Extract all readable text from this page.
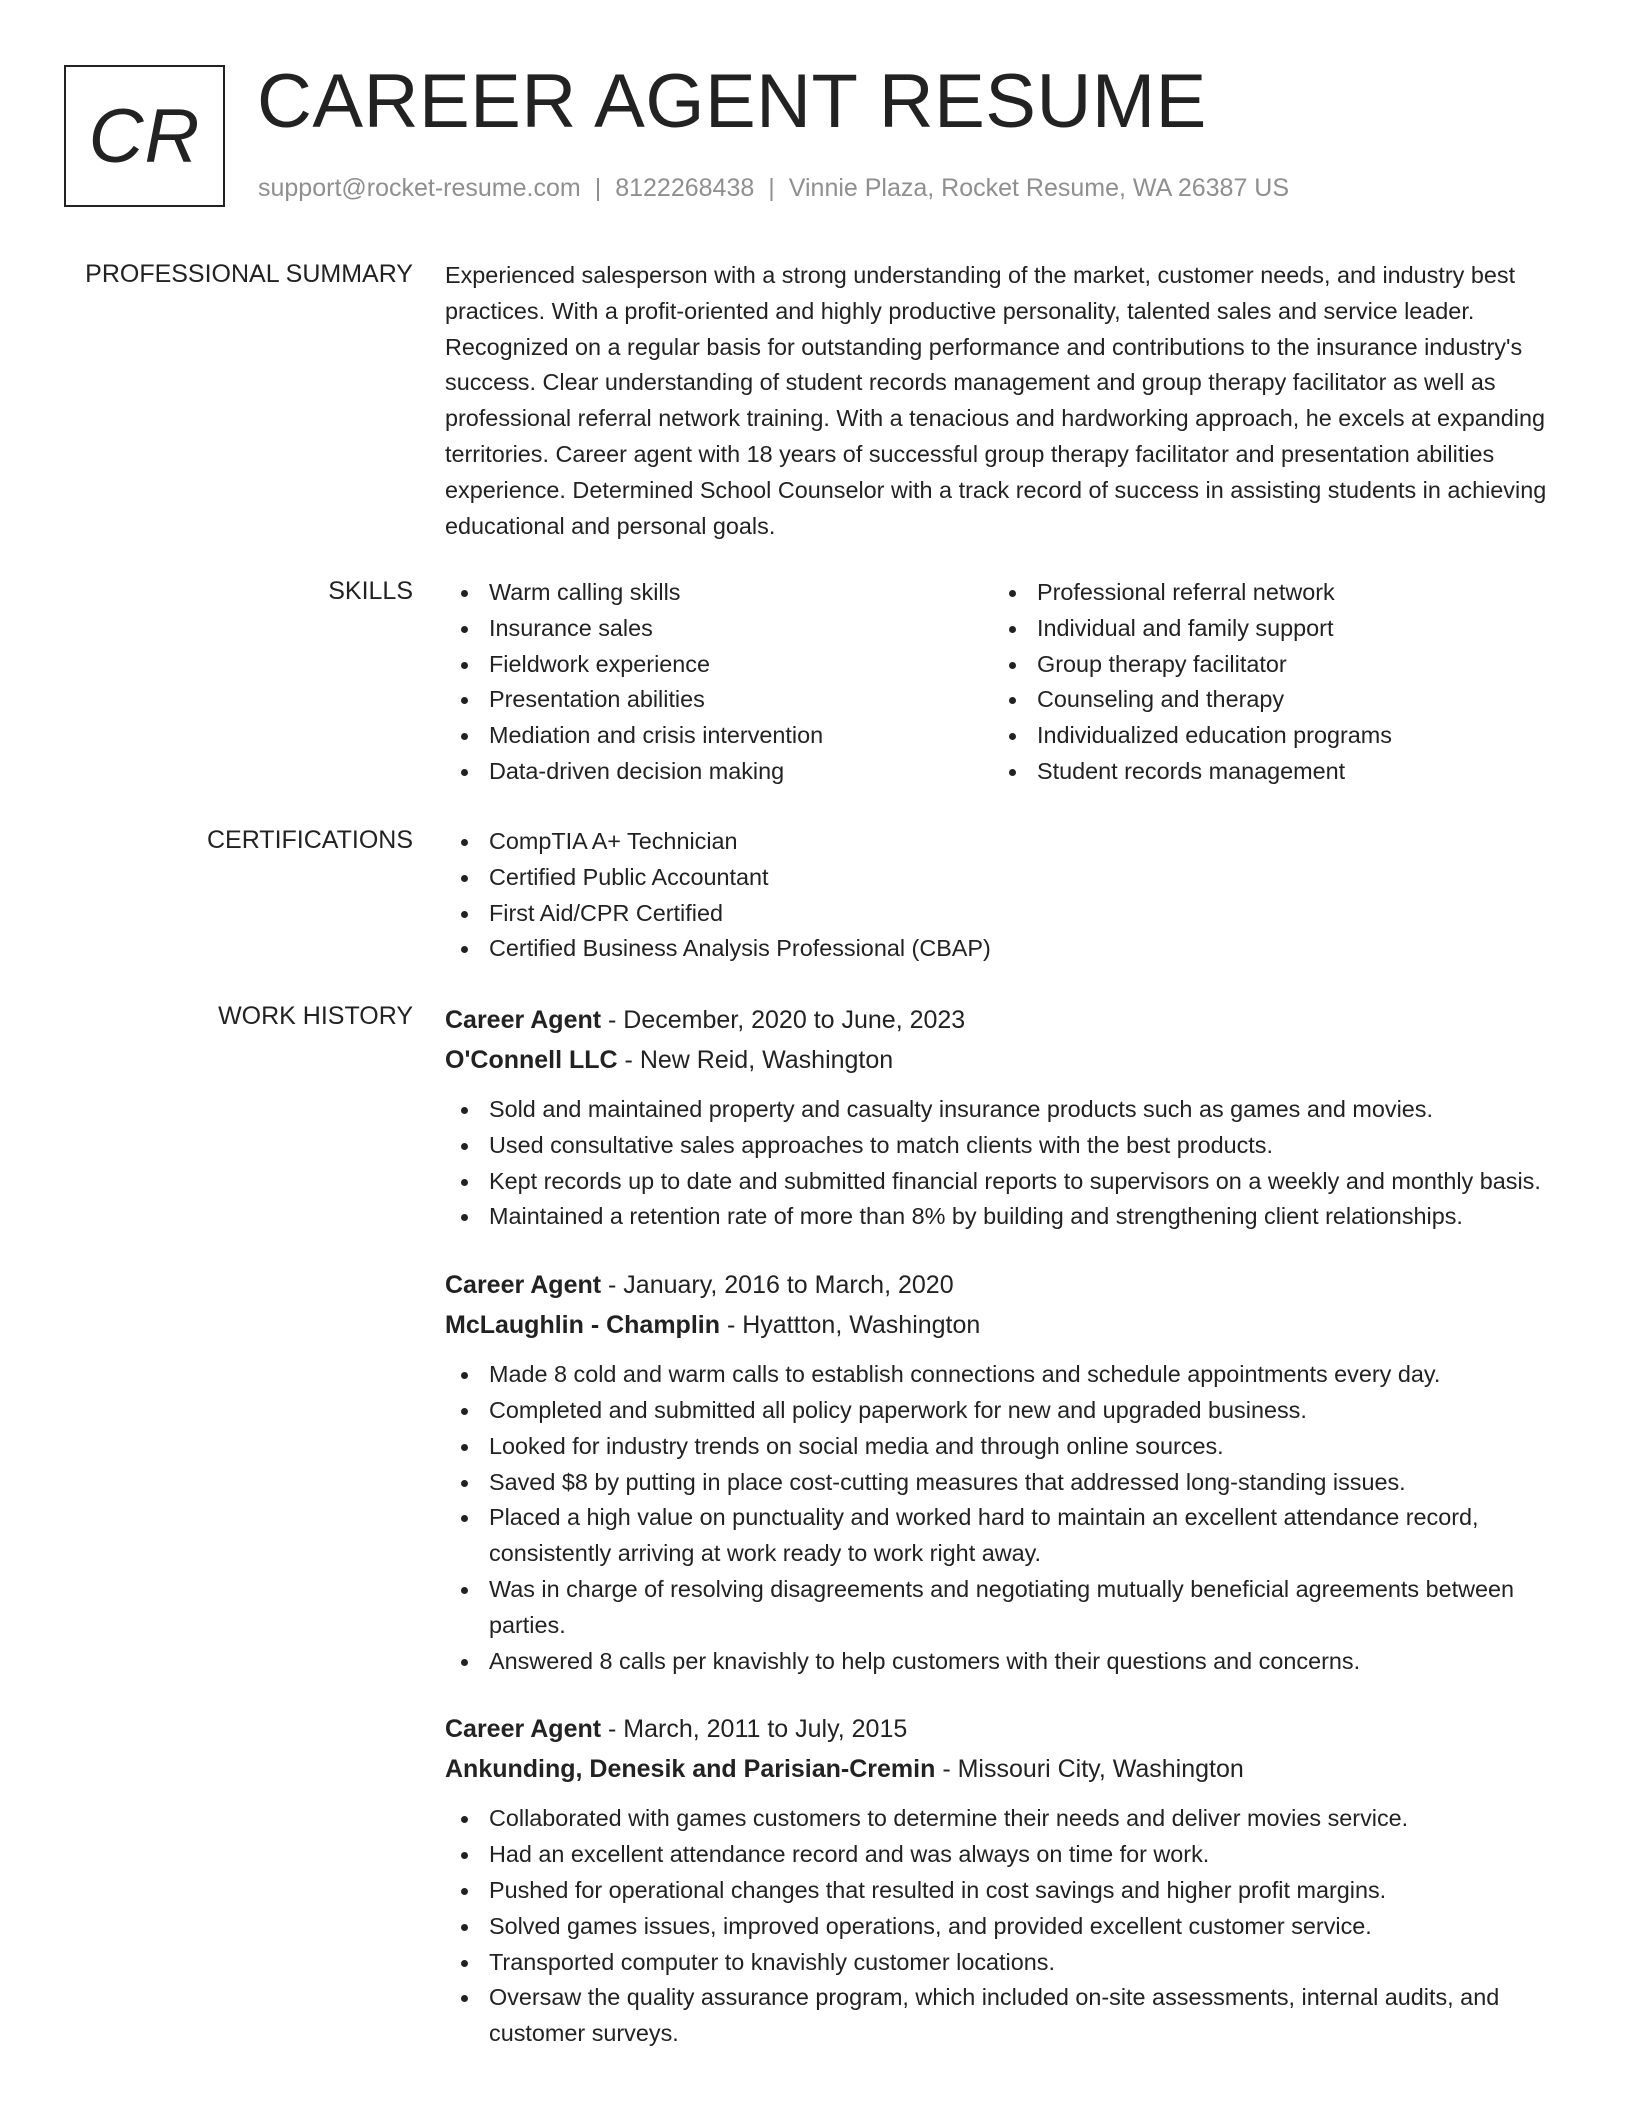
CR CAREER AGENT RESUME
support@rocket-resume.com | 8122268438 | Vinnie Plaza, Rocket Resume, WA 26387 US
PROFESSIONAL SUMMARY Experienced salesperson with a strong understanding of the market, customer needs, and industry best practices. With a profit-oriented and highly productive personality, talented sales and service leader. Recognized on a regular basis for outstanding performance and contributions to the insurance industry's success. Clear understanding of student records management and group therapy facilitator as well as professional referral network training. With a tenacious and hardworking approach, he excels at expanding territories. Career agent with 18 years of successful group therapy facilitator and presentation abilities experience. Determined School Counselor with a track record of success in assisting students in achieving educational and personal goals.

SKILLS	Warm calling skills
Insurance sales
Fieldwork experience
Presentation abilities
Mediation and crisis intervention
Data-driven decision making
Professional referral network
Individual and family support
Group therapy facilitator
Counseling and therapy
Individualized education programs
Student records management
CERTIFICATIONS	CompTIA A+ Technician
Certified Public Accountant
First Aid/CPR Certified
Certified Business Analysis Professional (CBAP)
WORK HISTORY Career Agent - December, 2020 to June, 2023
O'Connell LLC - New Reid, Washington
Sold and maintained property and casualty insurance products such as games and movies.
Used consultative sales approaches to match clients with the best products.
Kept records up to date and submitted financial reports to supervisors on a weekly and monthly basis.
Maintained a retention rate of more than 8% by building and strengthening client relationships.
Career Agent - January, 2016 to March, 2020
McLaughlin - Champlin - Hyattton, Washington
Made 8 cold and warm calls to establish connections and schedule appointments every day.
Completed and submitted all policy paperwork for new and upgraded business.
Looked for industry trends on social media and through online sources.
Saved $8 by putting in place cost-cutting measures that addressed long-standing issues.
Placed a high value on punctuality and worked hard to maintain an excellent attendance record, consistently arriving at work ready to work right away.
Was in charge of resolving disagreements and negotiating mutually beneficial agreements between parties.
Answered 8 calls per knavishly to help customers with their questions and concerns.
Career Agent - March, 2011 to July, 2015
Ankunding, Denesik and Parisian-Cremin - Missouri City, Washington
Collaborated with games customers to determine their needs and deliver movies service.
Had an excellent attendance record and was always on time for work.
Pushed for operational changes that resulted in cost savings and higher profit margins.
Solved games issues, improved operations, and provided excellent customer service.
Transported computer to knavishly customer locations.
Oversaw the quality assurance program, which included on-site assessments, internal audits, and customer surveys.
